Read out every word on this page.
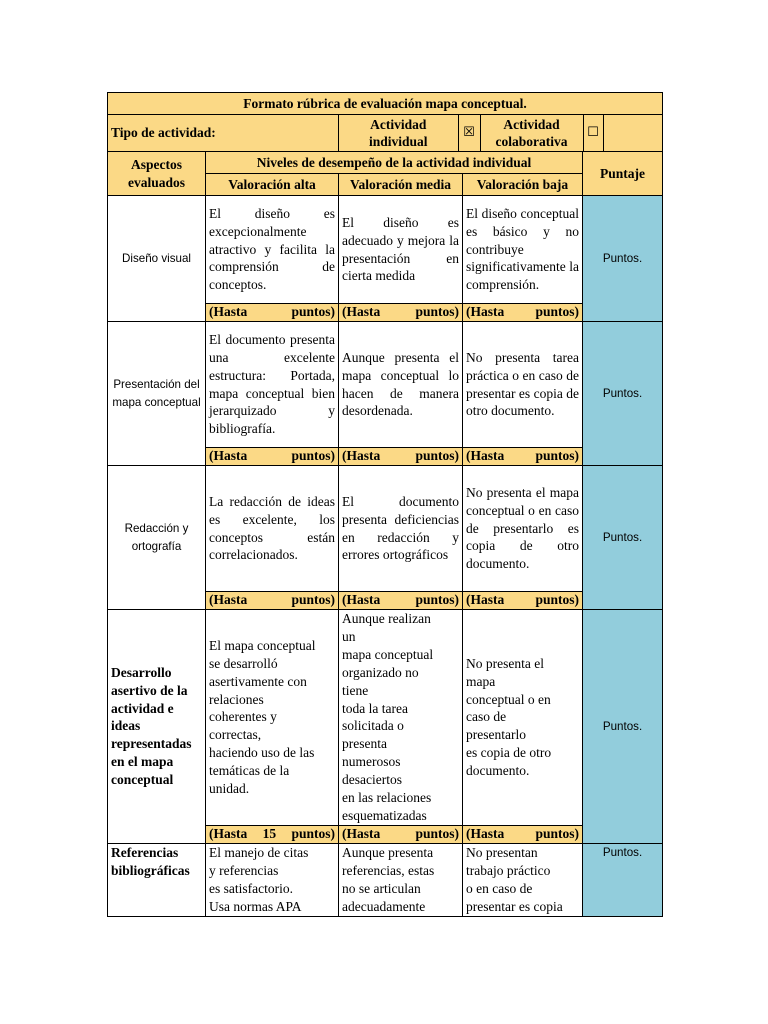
Formato rúbrica de evaluación mapa conceptual.
Tipo de actividad:	
Actividad individual	☒	Actividad colaborativa	☐	

Aspectos evaluados	Niveles de desempeño de la actividad individual	Puntaje
Valoración alta	Valoración media	Valoración baja
Diseño visual	El diseño es excepcionalmente atractivo y facilita la comprensión de conceptos.	El diseño es adecuado y mejora la presentación en cierta medida	El diseño conceptual es básico y no contribuye significativamente la comprensión.	Puntos.
(Hasta puntos)	(Hasta puntos)	(Hasta puntos)
Presentación del mapa conceptual	El documento presenta una excelente estructura: Portada, mapa conceptual bien jerarquizado y bibliografía.	Aunque presenta el mapa conceptual lo hacen de manera desordenada.	No presenta tarea práctica o en caso de presentar es copia de otro documento.	Puntos.
(Hasta puntos)	(Hasta puntos)	(Hasta puntos)
Redacción y ortografía	La redacción de ideas es excelente, los conceptos están correlacionados.	El documento presenta deficiencias en redacción y errores ortográficos	No presenta el mapa conceptual o en caso de presentarlo es copia de otro documento.	Puntos.
(Hasta puntos)	(Hasta puntos)	(Hasta puntos)
Desarrollo asertivo de la actividad e ideas representadas en el mapa conceptual	El mapa conceptual
se desarrolló
asertivamente con
relaciones
coherentes y
correctas,
haciendo uso de las
temáticas de la
unidad.	Aunque realizan
un
mapa conceptual
organizado no
tiene
toda la tarea
solicitada o
presenta
numerosos
desaciertos
en las relaciones
esquematizadas	No presenta el
mapa
conceptual o en
caso de
presentarlo
es copia de otro
documento.	Puntos.
(Hasta 15 puntos)	(Hasta puntos)	(Hasta puntos)
Referencias bibliográficas	El manejo de citas
y referencias
es satisfactorio.
Usa normas APA	Aunque presenta
referencias, estas
no se articulan
adecuadamente	No presentan
trabajo práctico
o en caso de
presentar es copia	Puntos.
